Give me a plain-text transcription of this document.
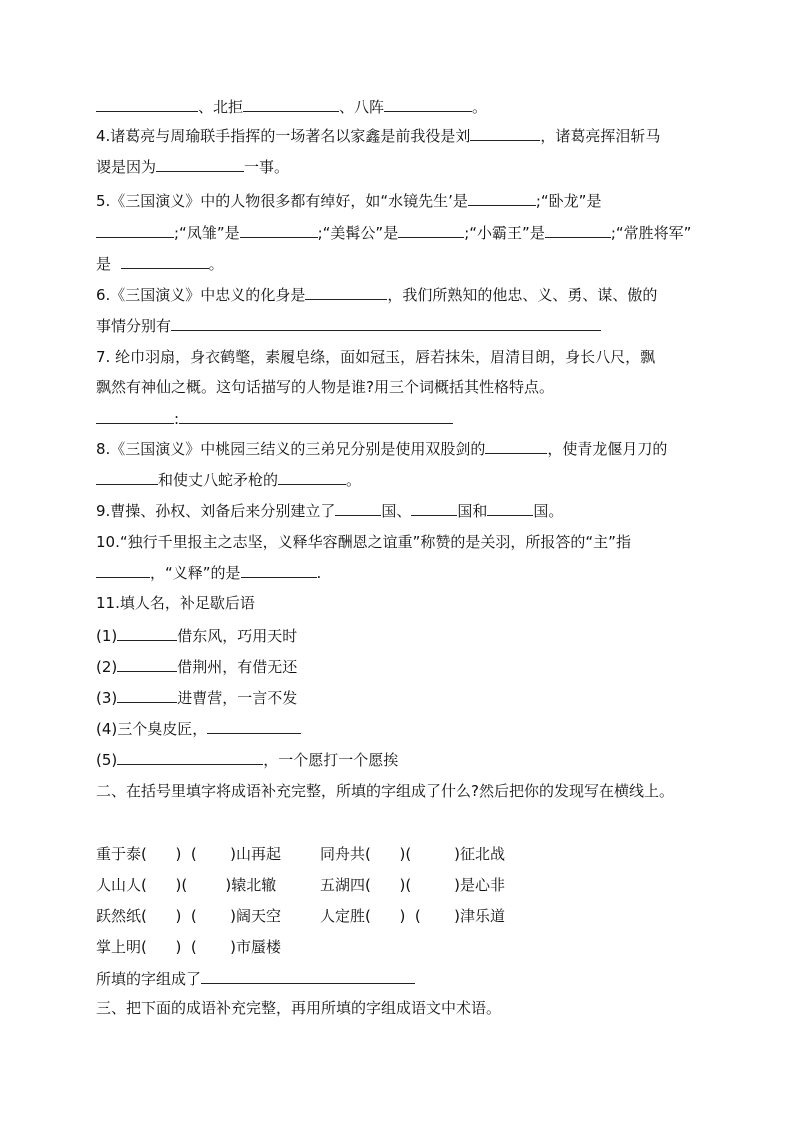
、北拒	、八阵	。
4.诸葛亮与周瑜联手指挥的一场著名以家鑫是前我役是刘	，诸葛亮挥泪斩马
谡是因为	一事。
5.《三国演义》中的人物很多都有绰好，如“水镜先生’是	;“卧龙”是
;“凤雏”是	;“美髯公”是	;“小霸王”是	;“常胜将军”
是	。
6.《三国演义》中忠义的化身是	，我们所熟知的他忠、义、勇、谋、傲的
事情分别有
7. 纶巾羽扇，身衣鹤氅，素履皂绦，面如冠玉，唇若抹朱，眉清目朗，身长八尺，飘
飘然有神仙之概。这句话描写的人物是谁?用三个词概括其性格特点。
:
8.《三国演义》中桃园三结义的三弟兄分别是使用双股剑的	，使青龙偃月刀的
和使丈八蛇矛枪的	。
9.曹操、孙权、刘备后来分别建立了	国、	国和	国。
10.“独行千里报主之志坚，义释华容酬恩之谊重”称赞的是关羽，所报答的“主”指
，“义释”的是	.
11.填人名，补足歇后语
(1)	借东风，巧用天时
(2)	借荆州，有借无还
(3)	进曹营，一言不发
(4)三个臭皮匠，
(5)	，一个愿打一个愿挨
二、在括号里填字将成语补充完整，所填的字组成了什么?然后把你的发现写在横线上。
重于泰( )  ( )山再起	同舟共( )(	)征北战
人山人( )(	)辕北辙	五湖四( )(	)是心非
跃然纸( )  ( )阔天空	人定胜( )  ( )津乐道
掌上明( )  ( )市蜃楼
所填的字组成了
三、把下面的成语补充完整，再用所填的字组成语文中术语。
